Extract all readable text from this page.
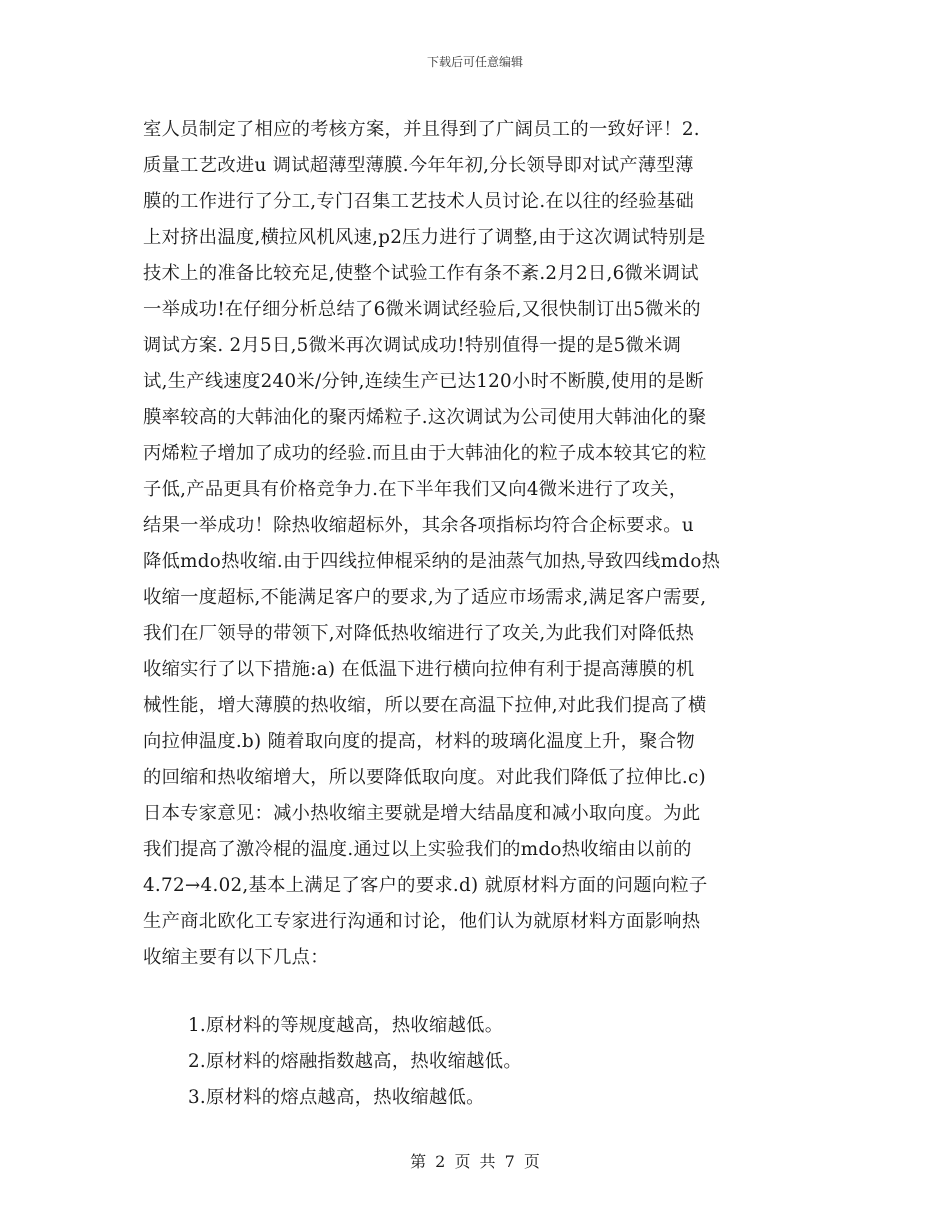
下载后可任意编辑
室人员制定了相应的考核方案，并且得到了广阔员工的一致好评！2.
质量工艺改进u 调试超薄型薄膜.今年年初,分长领导即对试产薄型薄
膜的工作进行了分工,专门召集工艺技术人员讨论.在以往的经验基础
上对挤出温度,横拉风机风速,p2压力进行了调整,由于这次调试特别是
技术上的准备比较充足,使整个试验工作有条不紊.2月2日,6微米调试
一举成功!在仔细分析总结了6微米调试经验后,又很快制订出5微米的
调试方案. 2月5日,5微米再次调试成功!特别值得一提的是5微米调
试,生产线速度240米/分钟,连续生产已达120小时不断膜,使用的是断
膜率较高的大韩油化的聚丙烯粒子.这次调试为公司使用大韩油化的聚
丙烯粒子增加了成功的经验.而且由于大韩油化的粒子成本较其它的粒
子低,产品更具有价格竞争力.在下半年我们又向4微米进行了攻关，
结果一举成功！除热收缩超标外，其余各项指标均符合企标要求。u
降低mdo热收缩.由于四线拉伸棍采纳的是油蒸气加热,导致四线mdo热
收缩一度超标,不能满足客户的要求,为了适应市场需求,满足客户需要,
我们在厂领导的带领下,对降低热收缩进行了攻关,为此我们对降低热
收缩实行了以下措施:a) 在低温下进行横向拉伸有利于提高薄膜的机
械性能，增大薄膜的热收缩，所以要在高温下拉伸,对此我们提高了横
向拉伸温度.b) 随着取向度的提高，材料的玻璃化温度上升，聚合物
的回缩和热收缩增大，所以要降低取向度。对此我们降低了拉伸比.c)
日本专家意见：减小热收缩主要就是增大结晶度和减小取向度。为此
我们提高了激冷棍的温度.通过以上实验我们的mdo热收缩由以前的
4.72→4.02,基本上满足了客户的要求.d) 就原材料方面的问题向粒子
生产商北欧化工专家进行沟通和讨论，他们认为就原材料方面影响热
收缩主要有以下几点：
1.原材料的等规度越高，热收缩越低。
2.原材料的熔融指数越高，热收缩越低。
3.原材料的熔点越高，热收缩越低。
第 2 页 共 7 页
